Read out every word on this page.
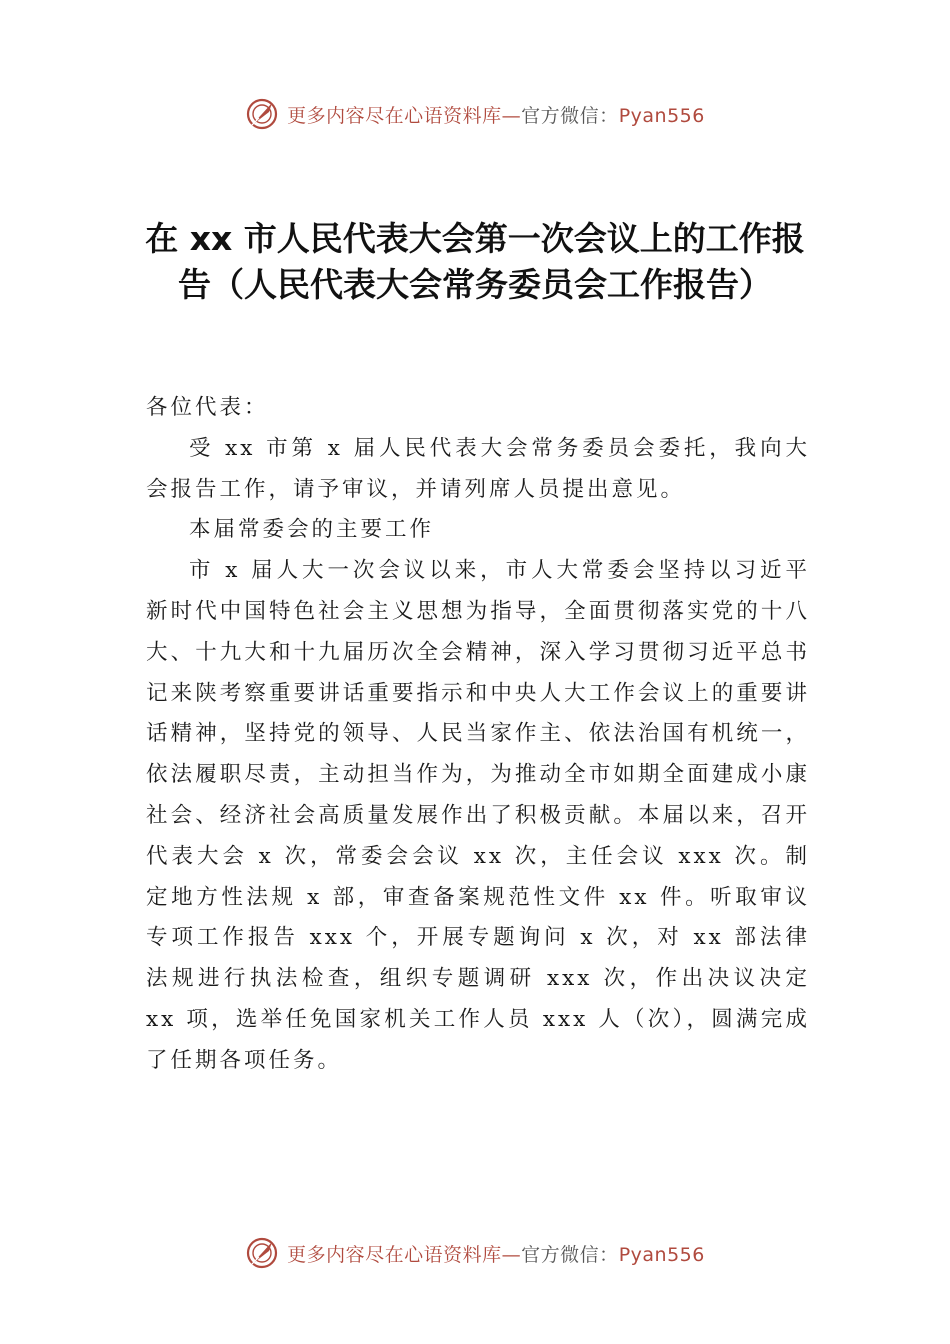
更多内容尽在心语资料库—官方微信：Pyan556
在 xx 市人民代表大会第一次会议上的工作报告（人民代表大会常务委员会工作报告）

各位代表：

受 xx 市第 x 届人民代表大会常务委员会委托，我向大会报告工作，请予审议，并请列席人员提出意见。

本届常委会的主要工作

市 x 届人大一次会议以来，市人大常委会坚持以习近平新时代中国特色社会主义思想为指导，全面贯彻落实党的十八大、十九大和十九届历次全会精神，深入学习贯彻习近平总书记来陕考察重要讲话重要指示和中央人大工作会议上的重要讲话精神，坚持党的领导、人民当家作主、依法治国有机统一，依法履职尽责，主动担当作为，为推动全市如期全面建成小康社会、经济社会高质量发展作出了积极贡献。本届以来，召开代表大会 x 次，常委会会议 xx 次，主任会议 xxx 次。制定地方性法规 x 部，审查备案规范性文件 xx 件。听取审议专项工作报告 xxx 个，开展专题询问 x 次，对 xx 部法律法规进行执法检查，组织专题调研 xxx 次，作出决议决定 xx 项，选举任免国家机关工作人员 xxx 人（次），圆满完成了任期各项任务。

更多内容尽在心语资料库—官方微信：Pyan556
